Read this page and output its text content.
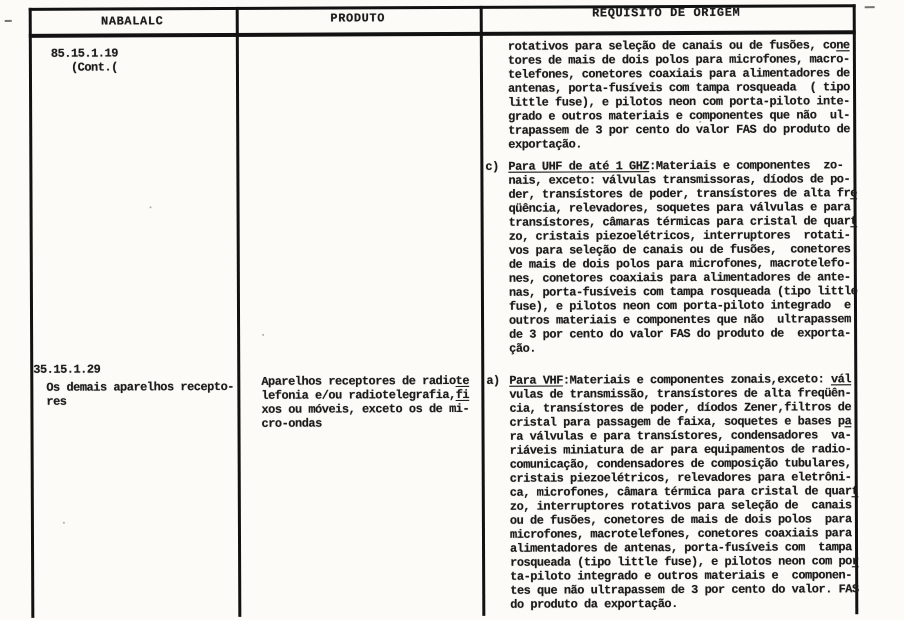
NABALALC	PRODUTO	REQUISITO DE ORIGEM
85.15.1.19
(Cont.(
rotativos para seleção de canais ou de fusões, cone
tores de mais de dois polos para microfones, macro-
telefones, conetores coaxiais para alimentadores de
antenas, porta-fusíveis com tampa rosqueada  ( tipo
little fuse), e pilotos neon com porta-piloto inte-
grado e outros materiais e componentes que não  ul-
trapassem de 3 por cento do valor FAS do produto de
exportação.
c) Para UHF de até 1 GHZ:Materiais e componentes  zo-
nais, exceto: válvulas transmissoras, díodos de po-
der, transístores de poder, transístores de alta fre
qüência, relevadores, soquetes para válvulas e para
transístores, câmaras térmicas para cristal de quart
zo, cristais piezoelétricos, interruptores  rotati-
vos para seleção de canais ou de fusões,  conetores
de mais de dois polos para microfones, macrotelefo-
nes, conetores coaxiais para alimentadores de ante-
nas, porta-fusíveis com tampa rosqueada (tipo little
fuse), e pilotos neon com porta-piloto integrado  e
outros materiais e componentes que não  ultrapassem
de 3 por cento do valor FAS do produto de  exporta-
ção.
35.15.1.29
Os demais aparelhos recepto-
res
Aparelhos receptores de radiote
lefonia e/ou radiotelegrafia,fi
xos ou móveis, exceto os de mi-
cro-ondas
a) Para VHF:Materiais e componentes zonais,exceto: vál
vulas de transmissão, transístores de alta freqüên-
cia, transístores de poder, díodos Zener,filtros de
cristal para passagem de faixa, soquetes e bases pa
ra válvulas e para transístores, condensadores  va-
riáveis miniatura de ar para equipamentos de radio-
comunicação, condensadores de composição tubulares,
cristais piezoelétricos, relevadores para eletrôni-
ca, microfones, câmara térmica para cristal de quart
zo, interruptores rotativos para seleção de  canais
ou de fusões, conetores de mais de dois polos  para
microfones, macrotelefones, conetores coaxiais para
alimentadores de antenas, porta-fusíveis com  tampa
rosqueada (tipo little fuse), e pilotos neon com por
ta-piloto integrado e outros materiais e  componen-
tes que não ultrapassem de 3 por cento do valor. FAS
do produto da exportação.
